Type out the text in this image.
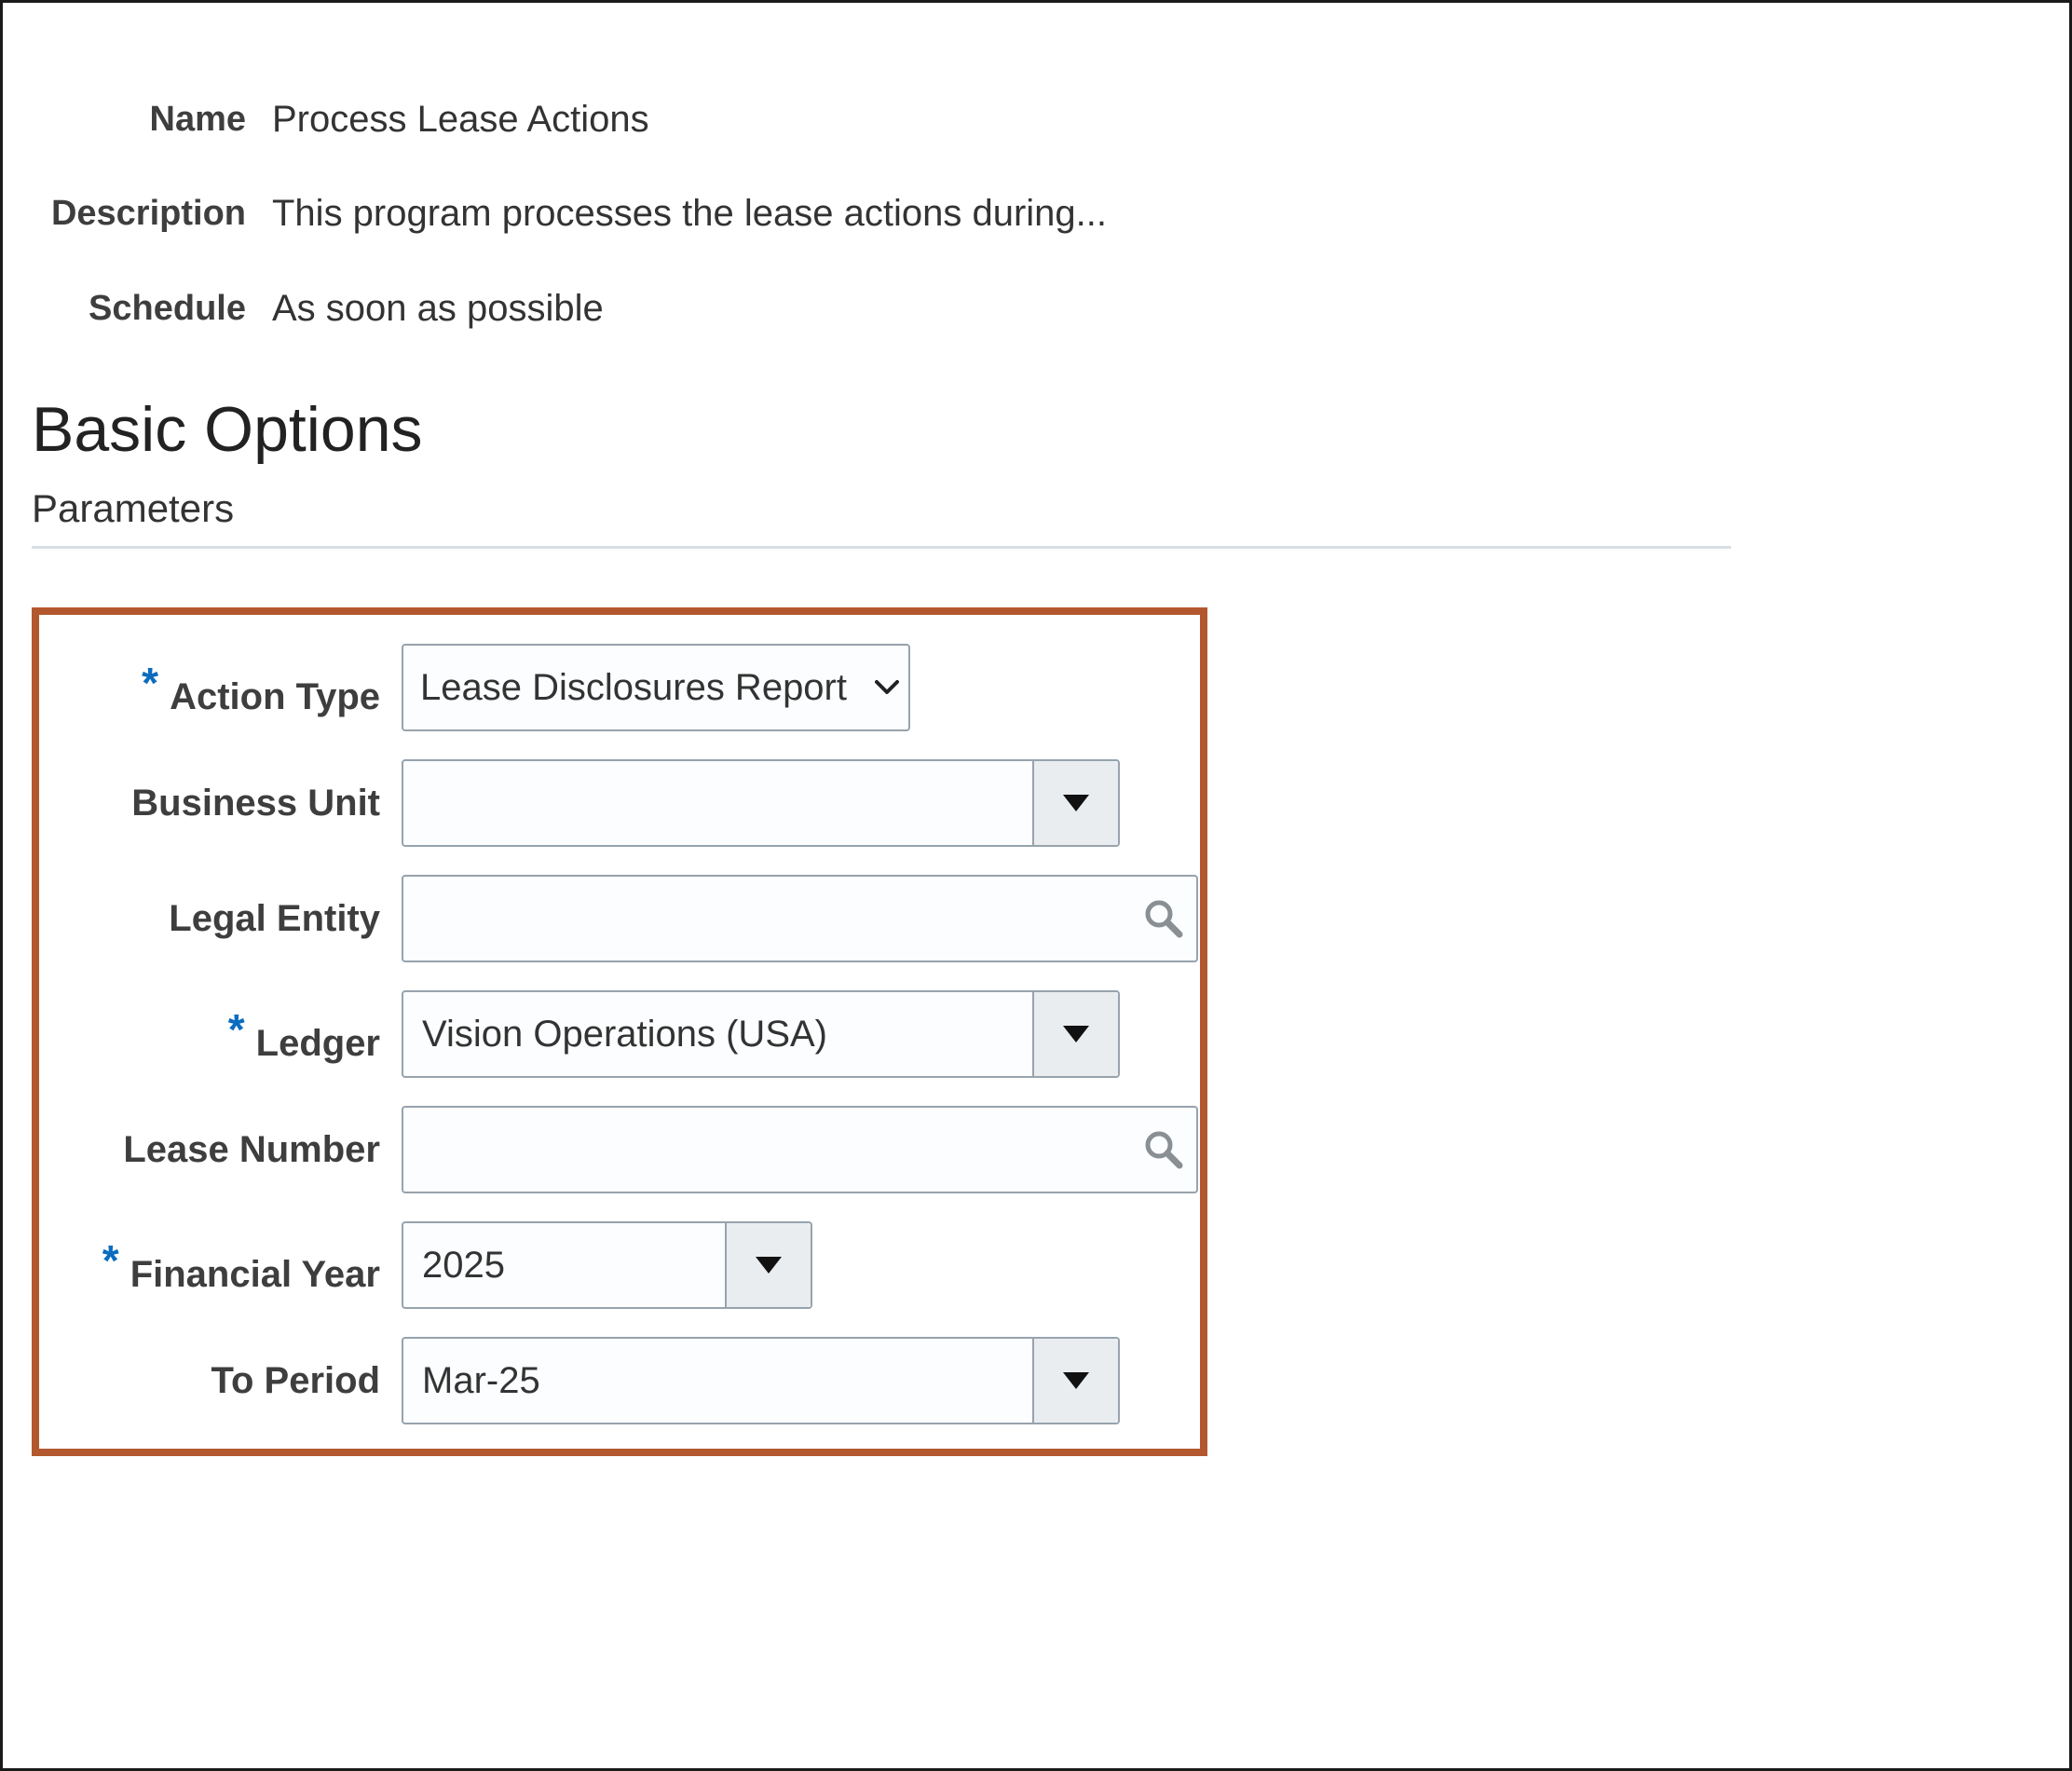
Name Process Lease Actions
Description This program processes the lease actions during...
Schedule As soon as possible
Basic Options
Parameters
* Action Type	Lease Disclosures Report
Business Unit
Legal Entity
* Ledger	Vision Operations (USA)
Lease Number
* Financial Year	2025
To Period	Mar-25
